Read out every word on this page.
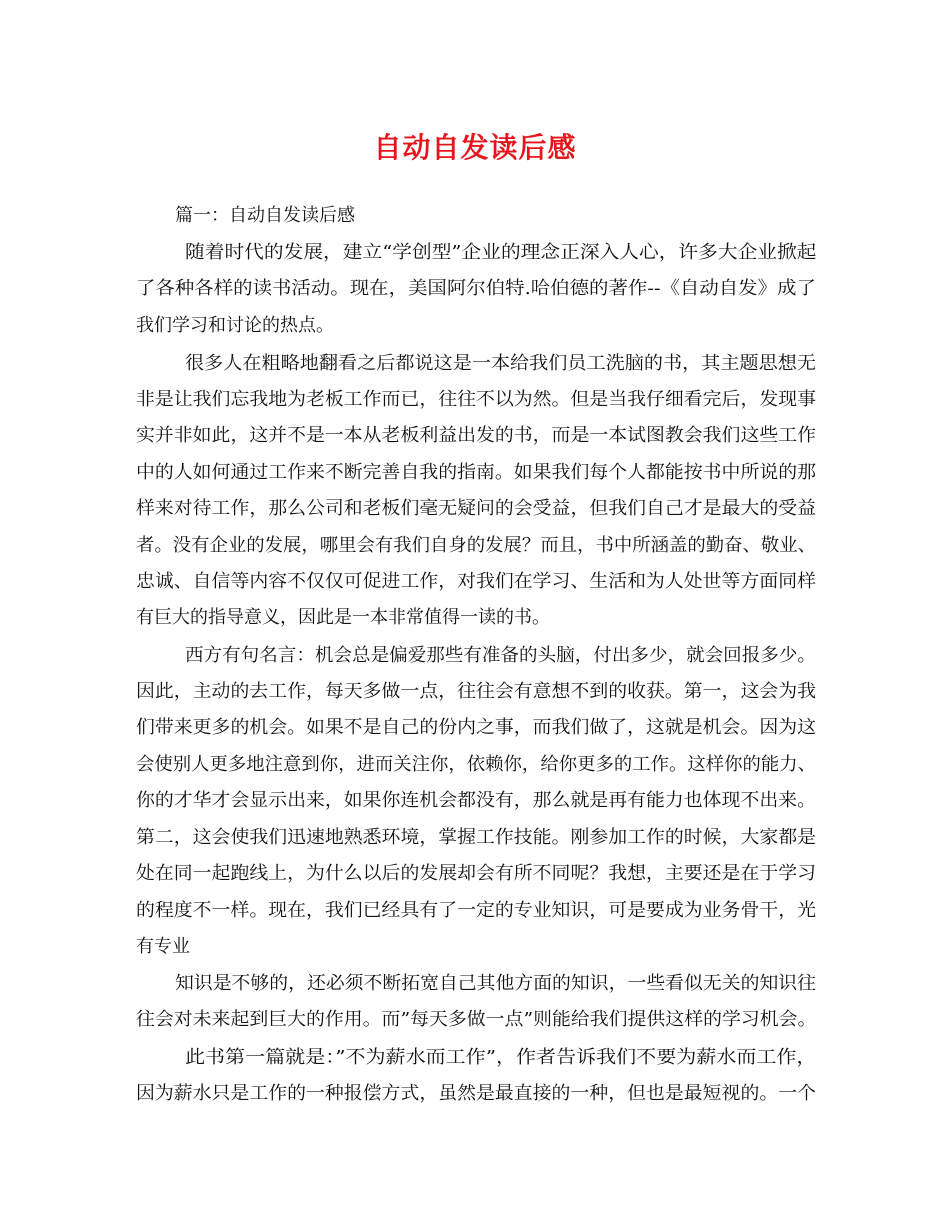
自动自发读后感

篇一：自动自发读后感

随着时代的发展，建立“学创型”企业的理念正深入人心，许多大企业掀起

了各种各样的读书活动。现在，美国阿尔伯特.哈伯德的著作--《自动自发》成了

我们学习和讨论的热点。

很多人在粗略地翻看之后都说这是一本给我们员工洗脑的书，其主题思想无

非是让我们忘我地为老板工作而已，往往不以为然。但是当我仔细看完后，发现事

实并非如此，这并不是一本从老板利益出发的书，而是一本试图教会我们这些工作

中的人如何通过工作来不断完善自我的指南。如果我们每个人都能按书中所说的那

样来对待工作，那么公司和老板们毫无疑问的会受益，但我们自己才是最大的受益

者。没有企业的发展，哪里会有我们自身的发展？而且，书中所涵盖的勤奋、敬业、

忠诚、自信等内容不仅仅可促进工作，对我们在学习、生活和为人处世等方面同样

有巨大的指导意义，因此是一本非常值得一读的书。

西方有句名言：机会总是偏爱那些有准备的头脑，付出多少，就会回报多少。

因此，主动的去工作，每天多做一点，往往会有意想不到的收获。第一，这会为我

们带来更多的机会。如果不是自己的份内之事，而我们做了，这就是机会。因为这

会使别人更多地注意到你，进而关注你，依赖你，给你更多的工作。这样你的能力、

你的才华才会显示出来，如果你连机会都没有，那么就是再有能力也体现不出来。

第二，这会使我们迅速地熟悉环境，掌握工作技能。刚参加工作的时候，大家都是

处在同一起跑线上，为什么以后的发展却会有所不同呢？我想，主要还是在于学习

的程度不一样。现在，我们已经具有了一定的专业知识，可是要成为业务骨干，光

有专业

知识是不够的，还必须不断拓宽自己其他方面的知识，一些看似无关的知识往

往会对未来起到巨大的作用。而”每天多做一点”则能给我们提供这样的学习机会。

此书第一篇就是：”不为薪水而工作”，作者告诉我们不要为薪水而工作，

因为薪水只是工作的一种报偿方式，虽然是最直接的一种，但也是最短视的。一个
